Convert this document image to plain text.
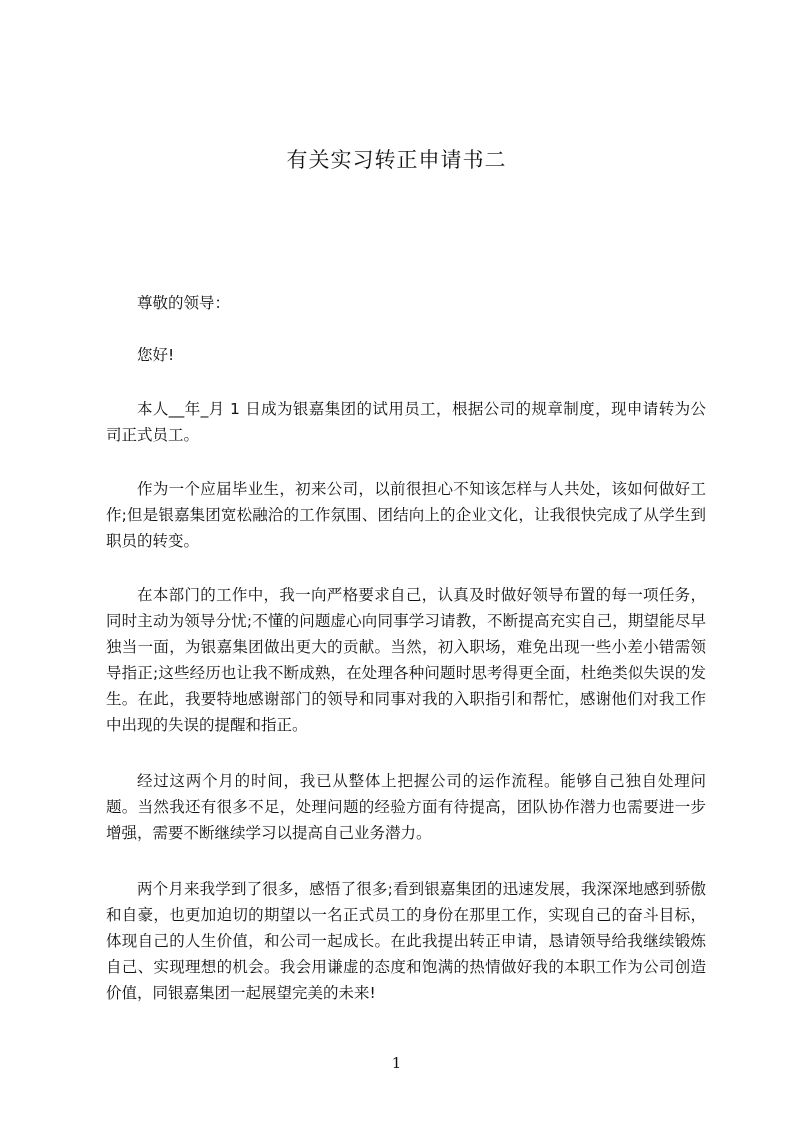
有关实习转正申请书二

尊敬的领导：

您好!

本人__年_月 1 日成为银嘉集团的试用员工，根据公司的规章制度，现申请转为公司正式员工。

作为一个应届毕业生，初来公司，以前很担心不知该怎样与人共处，该如何做好工作;但是银嘉集团宽松融洽的工作氛围、团结向上的企业文化，让我很快完成了从学生到职员的转变。

在本部门的工作中，我一向严格要求自己，认真及时做好领导布置的每一项任务，同时主动为领导分忧;不懂的问题虚心向同事学习请教，不断提高充实自己，期望能尽早独当一面，为银嘉集团做出更大的贡献。当然，初入职场，难免出现一些小差小错需领导指正;这些经历也让我不断成熟，在处理各种问题时思考得更全面，杜绝类似失误的发生。在此，我要特地感谢部门的领导和同事对我的入职指引和帮忙，感谢他们对我工作中出现的失误的提醒和指正。

经过这两个月的时间，我已从整体上把握公司的运作流程。能够自己独自处理问题。当然我还有很多不足，处理问题的经验方面有待提高，团队协作潜力也需要进一步增强，需要不断继续学习以提高自己业务潜力。

两个月来我学到了很多，感悟了很多;看到银嘉集团的迅速发展，我深深地感到骄傲和自豪，也更加迫切的期望以一名正式员工的身份在那里工作，实现自己的奋斗目标，体现自己的人生价值，和公司一起成长。在此我提出转正申请，恳请领导给我继续锻炼自己、实现理想的机会。我会用谦虚的态度和饱满的热情做好我的本职工作为公司创造价值，同银嘉集团一起展望完美的未来!

1
